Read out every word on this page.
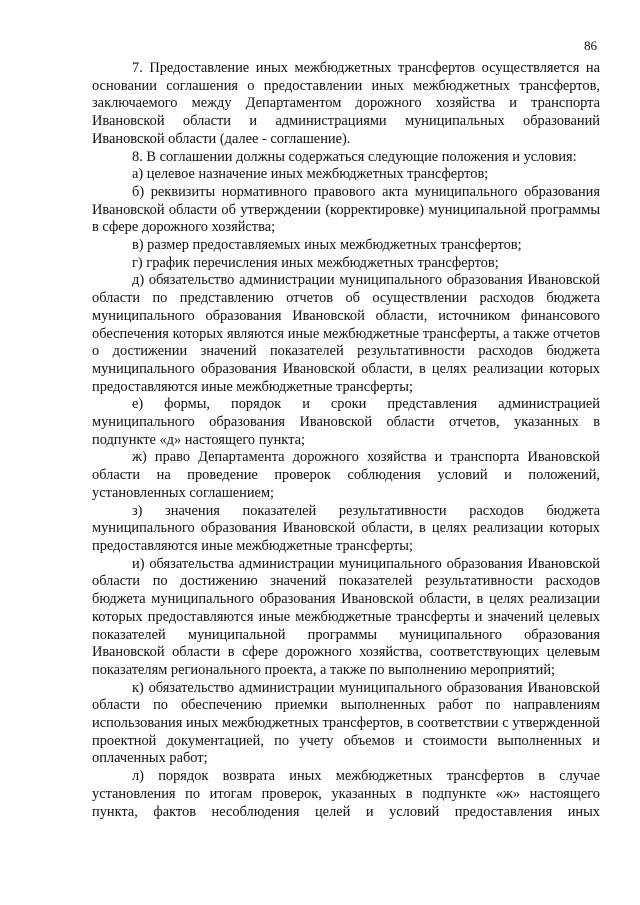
86

7. Предоставление иных межбюджетных трансфертов осуществляется на основании соглашения о предоставлении иных межбюджетных трансфертов, заключаемого между Департаментом дорожного хозяйства и транспорта Ивановской области и администрациями муниципальных образований Ивановской области (далее - соглашение).

8. В соглашении должны содержаться следующие положения и условия:

а) целевое назначение иных межбюджетных трансфертов;

б) реквизиты нормативного правового акта муниципального образования Ивановской области об утверждении (корректировке) муниципальной программы в сфере дорожного хозяйства;

в) размер предоставляемых иных межбюджетных трансфертов;

г) график перечисления иных межбюджетных трансфертов;

д) обязательство администрации муниципального образования Ивановской области по представлению отчетов об осуществлении расходов бюджета муниципального образования Ивановской области, источником финансового обеспечения которых являются иные межбюджетные трансферты, а также отчетов о достижении значений показателей результативности расходов бюджета муниципального образования Ивановской области, в целях реализации которых предоставляются иные межбюджетные трансферты;

е) формы, порядок и сроки представления администрацией муниципального образования Ивановской области отчетов, указанных в подпункте «д» настоящего пункта;

ж) право Департамента дорожного хозяйства и транспорта Ивановской области на проведение проверок соблюдения условий и положений, установленных соглашением;

з) значения показателей результативности расходов бюджета муниципального образования Ивановской области, в целях реализации которых предоставляются иные межбюджетные трансферты;

и) обязательства администрации муниципального образования Ивановской области по достижению значений показателей результативности расходов бюджета муниципального образования Ивановской области, в целях реализации которых предоставляются иные межбюджетные трансферты и значений целевых показателей муниципальной программы муниципального образования Ивановской области в сфере дорожного хозяйства, соответствующих целевым показателям регионального проекта, а также по выполнению мероприятий;

к) обязательство администрации муниципального образования Ивановской области по обеспечению приемки выполненных работ по направлениям использования иных межбюджетных трансфертов, в соответствии с утвержденной проектной документацией, по учету объемов и стоимости выполненных и оплаченных работ;

л) порядок возврата иных межбюджетных трансфертов в случае установления по итогам проверок, указанных в подпункте «ж» настоящего пункта, фактов несоблюдения целей и условий предоставления иных
